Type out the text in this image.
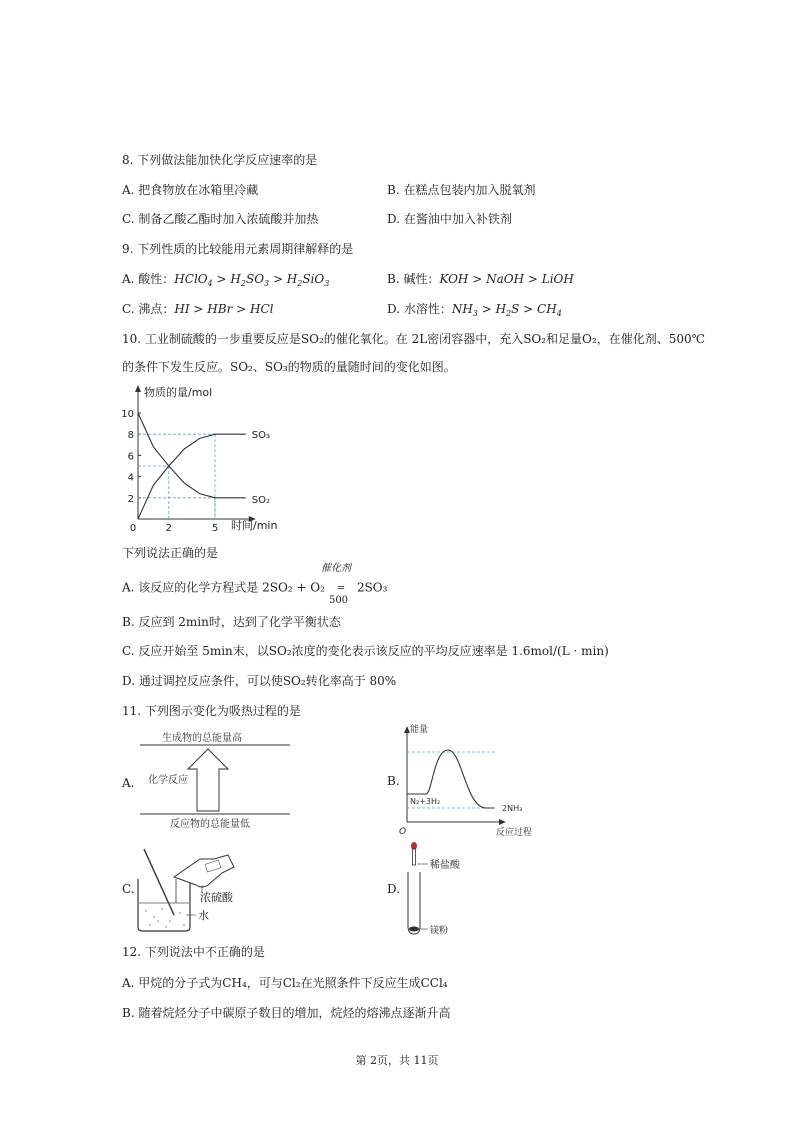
8. 下列做法能加快化学反应速率的是
A. 把食物放在冰箱里冷藏	B. 在糕点包装内加入脱氧剂
C. 制备乙酸乙酯时加入浓硫酸并加热	D. 在酱油中加入补铁剂
9. 下列性质的比较能用元素周期律解释的是
A. 酸性：HClO$_4$ > $H_2SO_3 > H_2SiO_3$	B. 碱性：KOH > NaOH > LiOH
C. 沸点：HI > HBr > HCl	D. 水溶性：$NH_3 > H_2S > CH_4$
10. 工业制硫酸的一步重要反应是SO₂的催化氧化。在 2L密闭容器中，充入SO₂和足量O₂，在催化剂、500℃
的条件下发生反应。SO₂、SO₃的物质的量随时间的变化如图。
物质的量/mol
时间/min
0
2
4
6
8
10
2	5
SO₃
SO₂
下列说法正确的是
A. 该反应的化学方程式是 2SO₂ + O₂
催化剂
=
500
2SO₃
B. 反应到 2min时，达到了化学平衡状态
C. 反应开始至 5min末，以SO₂浓度的变化表示该反应的平均反应速率是 1.6mol/(L · min)
D. 通过调控反应条件，可以使SO₂转化率高于 80%
11. 下列图示变化为吸热过程的是
A.
生成物的总能量高
化学反应
反应物的总能量低
B.
能量
N₂+3H₂
2NH₃
O	反应过程
C.
浓硫酸
水
D.
稀盐酸
镁粉
12. 下列说法中不正确的是
A. 甲烷的分子式为CH₄，可与Cl₂在光照条件下反应生成CCl₄
B. 随着烷烃分子中碳原子数目的增加，烷烃的熔沸点逐渐升高
第 2页，共 11页
